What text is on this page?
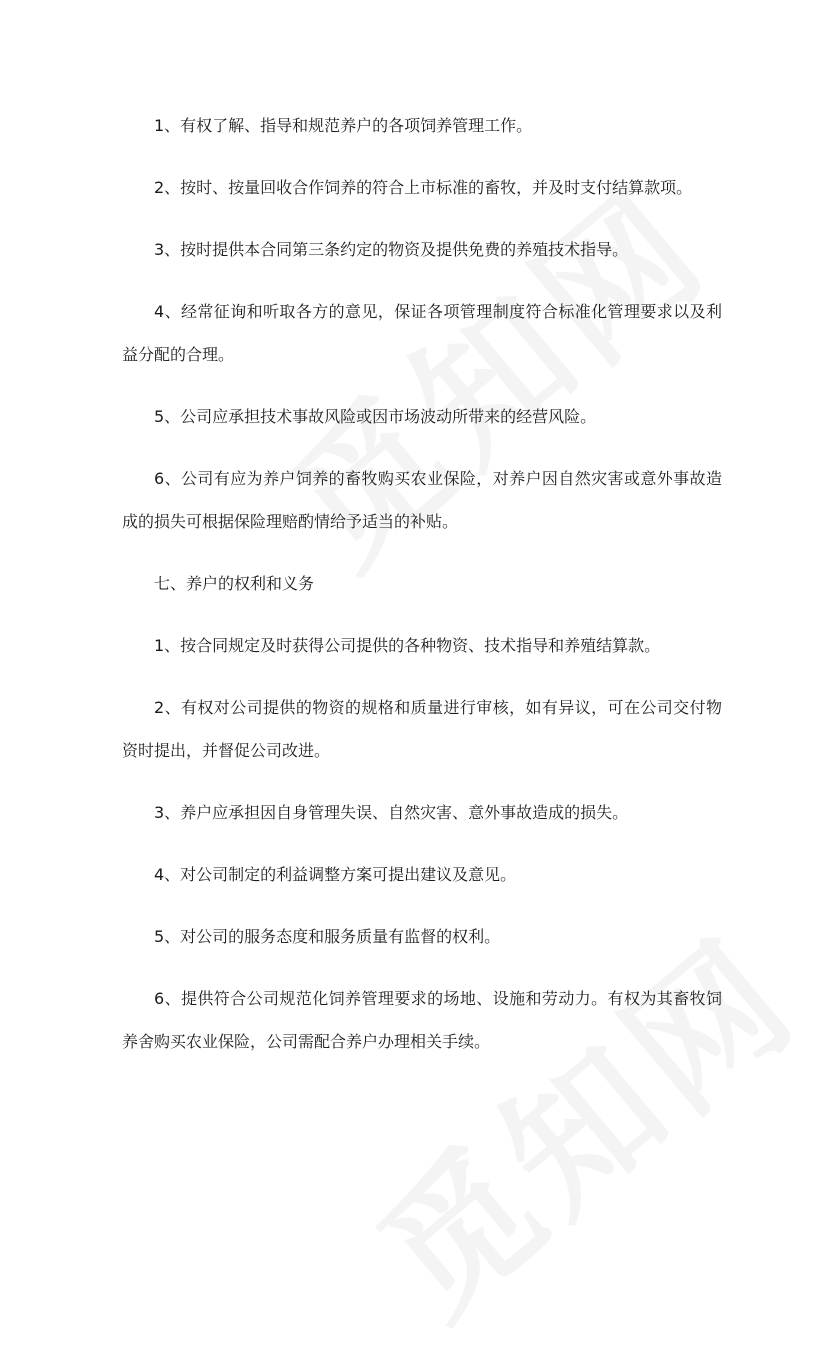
1、有权了解、指导和规范养户的各项饲养管理工作。

2、按时、按量回收合作饲养的符合上市标准的畜牧，并及时支付结算款项。

3、按时提供本合同第三条约定的物资及提供免费的养殖技术指导。

4、经常征询和听取各方的意见，保证各项管理制度符合标准化管理要求以及利益分配的合理。

5、公司应承担技术事故风险或因市场波动所带来的经营风险。

6、公司有应为养户饲养的畜牧购买农业保险，对养户因自然灾害或意外事故造成的损失可根据保险理赔酌情给予适当的补贴。

七、养户的权利和义务

1、按合同规定及时获得公司提供的各种物资、技术指导和养殖结算款。

2、有权对公司提供的物资的规格和质量进行审核，如有异议，可在公司交付物资时提出，并督促公司改进。

3、养户应承担因自身管理失误、自然灾害、意外事故造成的损失。

4、对公司制定的利益调整方案可提出建议及意见。

5、对公司的服务态度和服务质量有监督的权利。

6、提供符合公司规范化饲养管理要求的场地、设施和劳动力。有权为其畜牧饲养舍购买农业保险，公司需配合养户办理相关手续。
